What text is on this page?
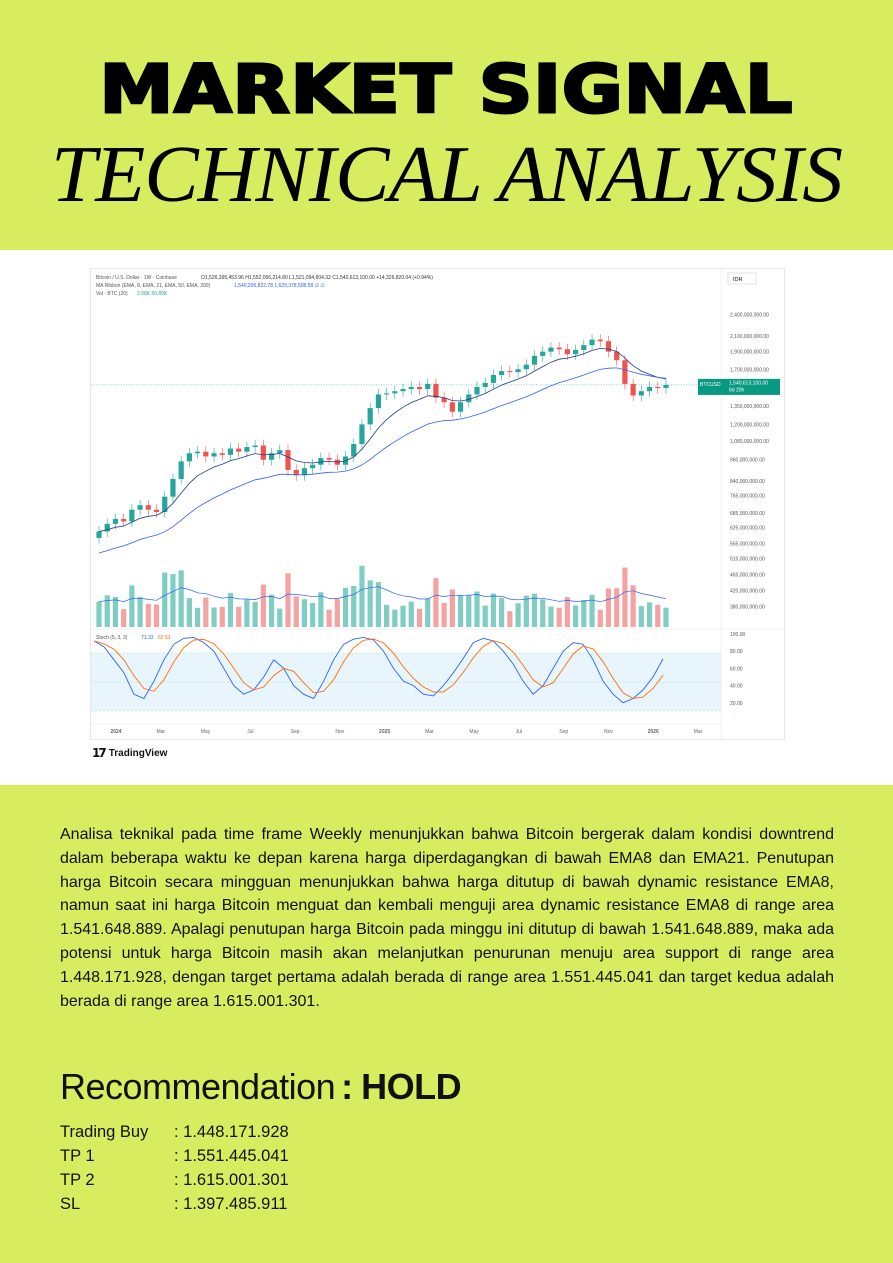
MARKET SIGNAL
TECHNICAL ANALYSIS
Bitcoin / U.S. Dollar · 1W · Coinbase	O1,526,395,453.96 H1,552,056,214.80 L1,521,094,804.32 C1,540,613,100.00 +14,326,820.04 (+0.94%)
MA Ribbon (EMA, 8, EMA, 21, EMA, 50, EMA, 200)	1,540,206,822.78 1,629,378,508.58 ∅ ∅
Vol · BTC (20) 2.08K 50.89K
IDR
2,400,000,000.00
2,100,000,000.00
1,900,000,000.00
1,700,000,000.00
1,350,000,000.00
1,200,000,000.00
1,080,000,000.00
960,000,000.00
840,000,000.00
765,000,000.00
685,000,000.00
625,000,000.00
565,000,000.00
515,000,000.00
465,000,000.00
420,000,000.00
380,000,000.00
100.00
80.00
60.00
40.00
20.00
2024	Mar	May	Jul	Sep	Nov	2025	Mar	May	Jul	Sep	Nov	2026	Mar
Stoch (5, 3, 3)	71.33 62.51
BTCUSD 1,540,613,100.00
6d 20h
17 TradingView
Analisa teknikal pada time frame Weekly menunjukkan bahwa Bitcoin bergerak dalam kondisi downtrend dalam beberapa waktu ke depan karena harga diperdagangkan di bawah EMA8 dan EMA21. Penutupan harga Bitcoin secara mingguan menunjukkan bahwa harga ditutup di bawah dynamic resistance EMA8, namun saat ini harga Bitcoin menguat dan kembali menguji area dynamic resistance EMA8 di range area 1.541.648.889. Apalagi penutupan harga Bitcoin pada minggu ini ditutup di bawah 1.541.648.889, maka ada potensi untuk harga Bitcoin masih akan melanjutkan penurunan menuju area support di range area 1.448.171.928, dengan target pertama adalah berada di range area 1.551.445.041 dan target kedua adalah berada di range area 1.615.001.301.
Recommendation : HOLD
Trading Buy	: 1.448.171.928
TP 1	: 1.551.445.041
TP 2	: 1.615.001.301
SL	: 1.397.485.911
